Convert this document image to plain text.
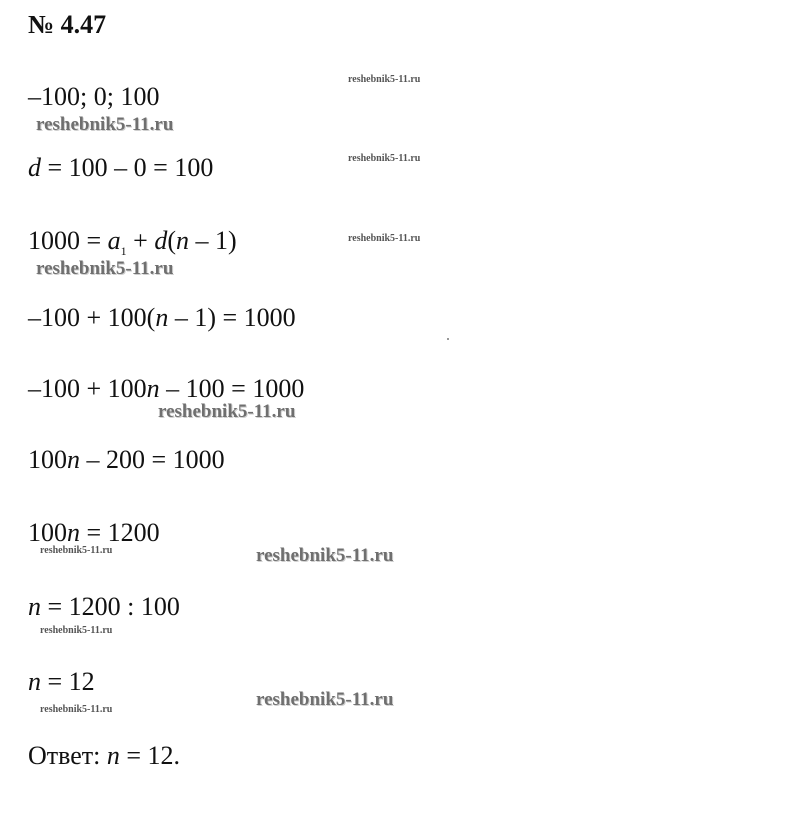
№ 4.47
–100; 0; 100
d = 100 – 0 = 100
$1000 = a_1 + d(n - 1)$
–100 + 100(n – 1) = 1000
–100 + 100n – 100 = 1000
100n – 200 = 1000
100n = 1200
n = 1200 : 100
n = 12
Ответ: n = 12.
reshebnik5-11.ru
reshebnik5-11.ru
reshebnik5-11.ru
reshebnik5-11.ru
reshebnik5-11.ru
reshebnik5-11.ru
reshebnik5-11.ru	reshebnik5-11.ru
reshebnik5-11.ru
reshebnik5-11.ru
reshebnik5-11.ru
